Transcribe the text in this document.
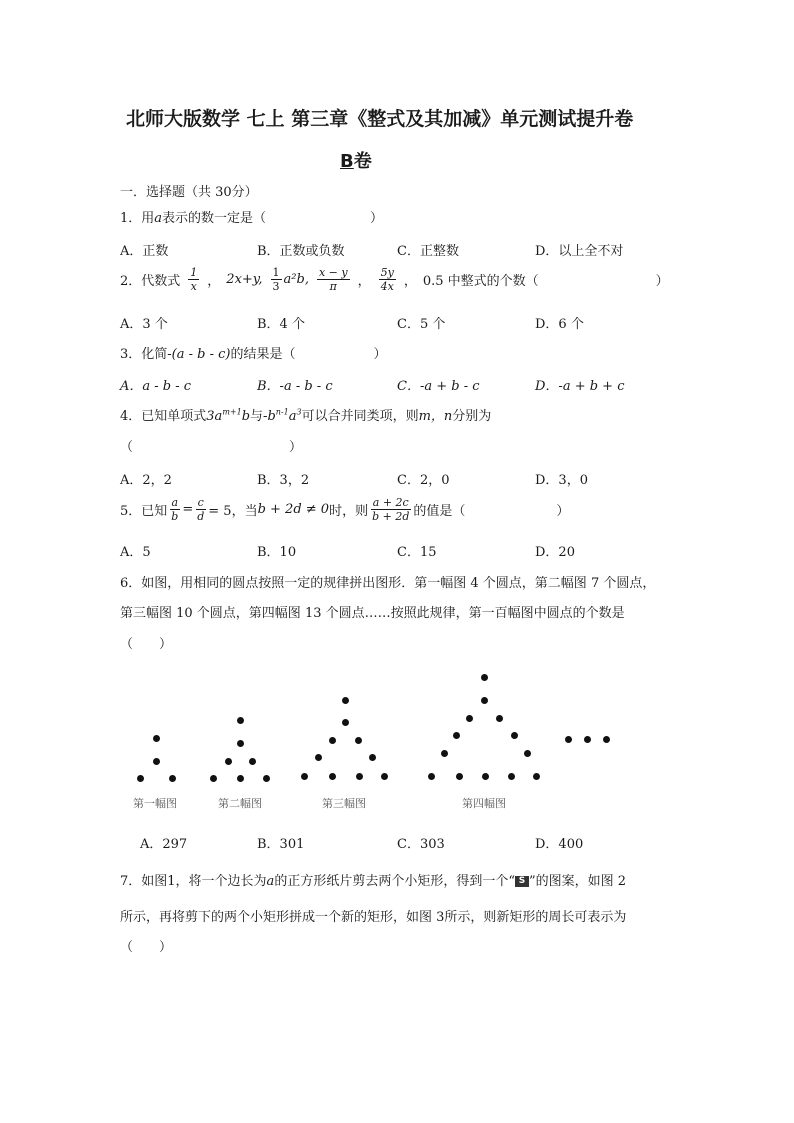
北师大版数学 七上 第三章《整式及其加减》单元测试提升卷
B卷
一．选择题（共 30分）
1．用a表示的数一定是（　　　　　　　　）
A．正数	B．正数或负数	C．正整数	D．以上全不对
2．代数式 $\frac{1}{x}$ ， 2x+y, $\frac{1}{3} a^2b$, $\frac{x - y}{\pi}$ ， $\frac{5y}{4x}$ ， 0.5 中整式的个数（　　　　　　　　　）
A．3 个	B．4 个	C．5 个	D．6 个
3．化简-(a - b - c)的结果是（　　　　　　）
A．a - b - c	B．-a - b - c	C．-a + b - c	D．-a + b + c
4．已知单项式$3a^{m+1}b$与$-b^{n-1}a^3$可以合并同类项，则m，n分别为
（　　　　　　　　　　　　）
A．2，2	B．3，2	C．2，0	D．3，0
5．已知 $\frac{a}{b} = \frac{c}{d} = 5$，当 b + 2d ≠ 0 时，则 $\frac{a + 2c}{b + 2d}$ 的值是（　　　　　　　）
A．5	B．10	C．15	D．20
6．如图，用相同的圆点按照一定的规律拼出图形．第一幅图 4 个圆点，第二幅图 7 个圆点，
第三幅图 10 个圆点，第四幅图 13 个圆点……按照此规律，第一百幅图中圆点的个数是
（　　）
第一幅图	第二幅图	第三幅图	第四幅图
A．297	B．301	C．303	D．400
7．如图1，将一个边长为a的正方形纸片剪去两个小矩形，得到一个“ S ”的图案，如图 2
所示，再将剪下的两个小矩形拼成一个新的矩形，如图 3所示，则新矩形的周长可表示为
（　　）
